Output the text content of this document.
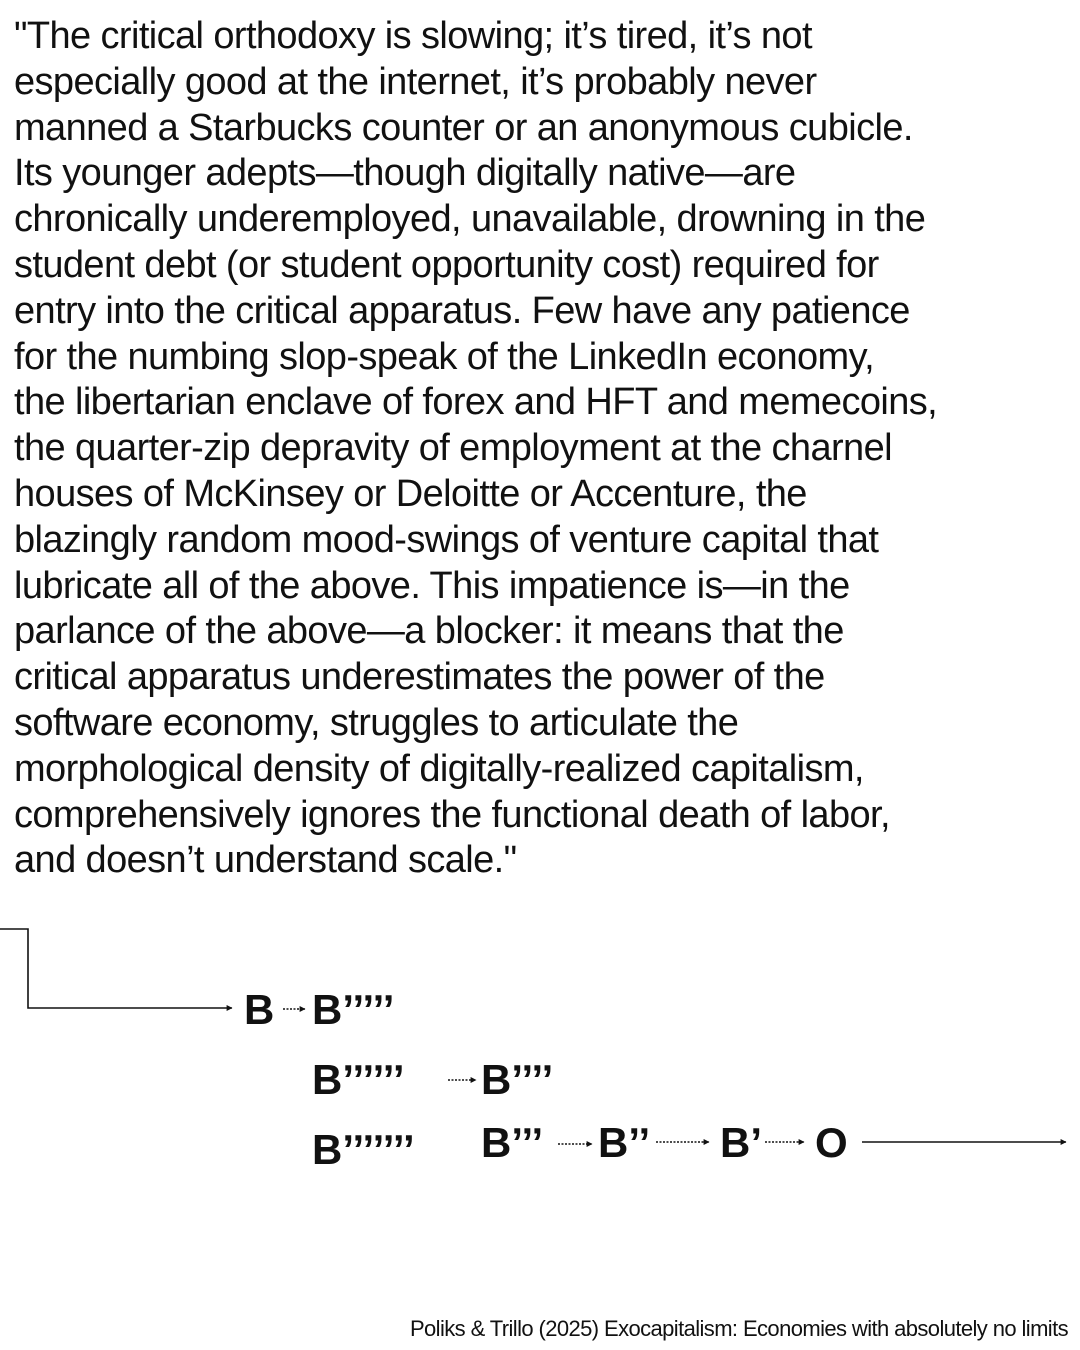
"The critical orthodoxy is slowing; it’s tired, it’s not
especially good at the internet, it’s probably never
manned a Starbucks counter or an anonymous cubicle.
Its younger adepts—though digitally native—are
chronically underemployed, unavailable, drowning in the
student debt (or student opportunity cost) required for
entry into the critical apparatus. Few have any patience
for the numbing slop-speak of the LinkedIn economy,
the libertarian enclave of forex and HFT and memecoins,
the quarter-zip depravity of employment at the charnel
houses of McKinsey or Deloitte or Accenture, the
blazingly random mood-swings of venture capital that
lubricate all of the above. This impatience is—in the
parlance of the above—a blocker: it means that the
critical apparatus underestimates the power of the
software economy, struggles to articulate the
morphological density of digitally-realized capitalism,
comprehensively ignores the functional death of labor,
and doesn’t understand scale."

B B’’’’’
B’’’’’’ B’’’’
B’’’’’’’ B’’’ B’’ B’ O

Poliks & Trillo (2025) Exocapitalism: Economies with absolutely no limits
